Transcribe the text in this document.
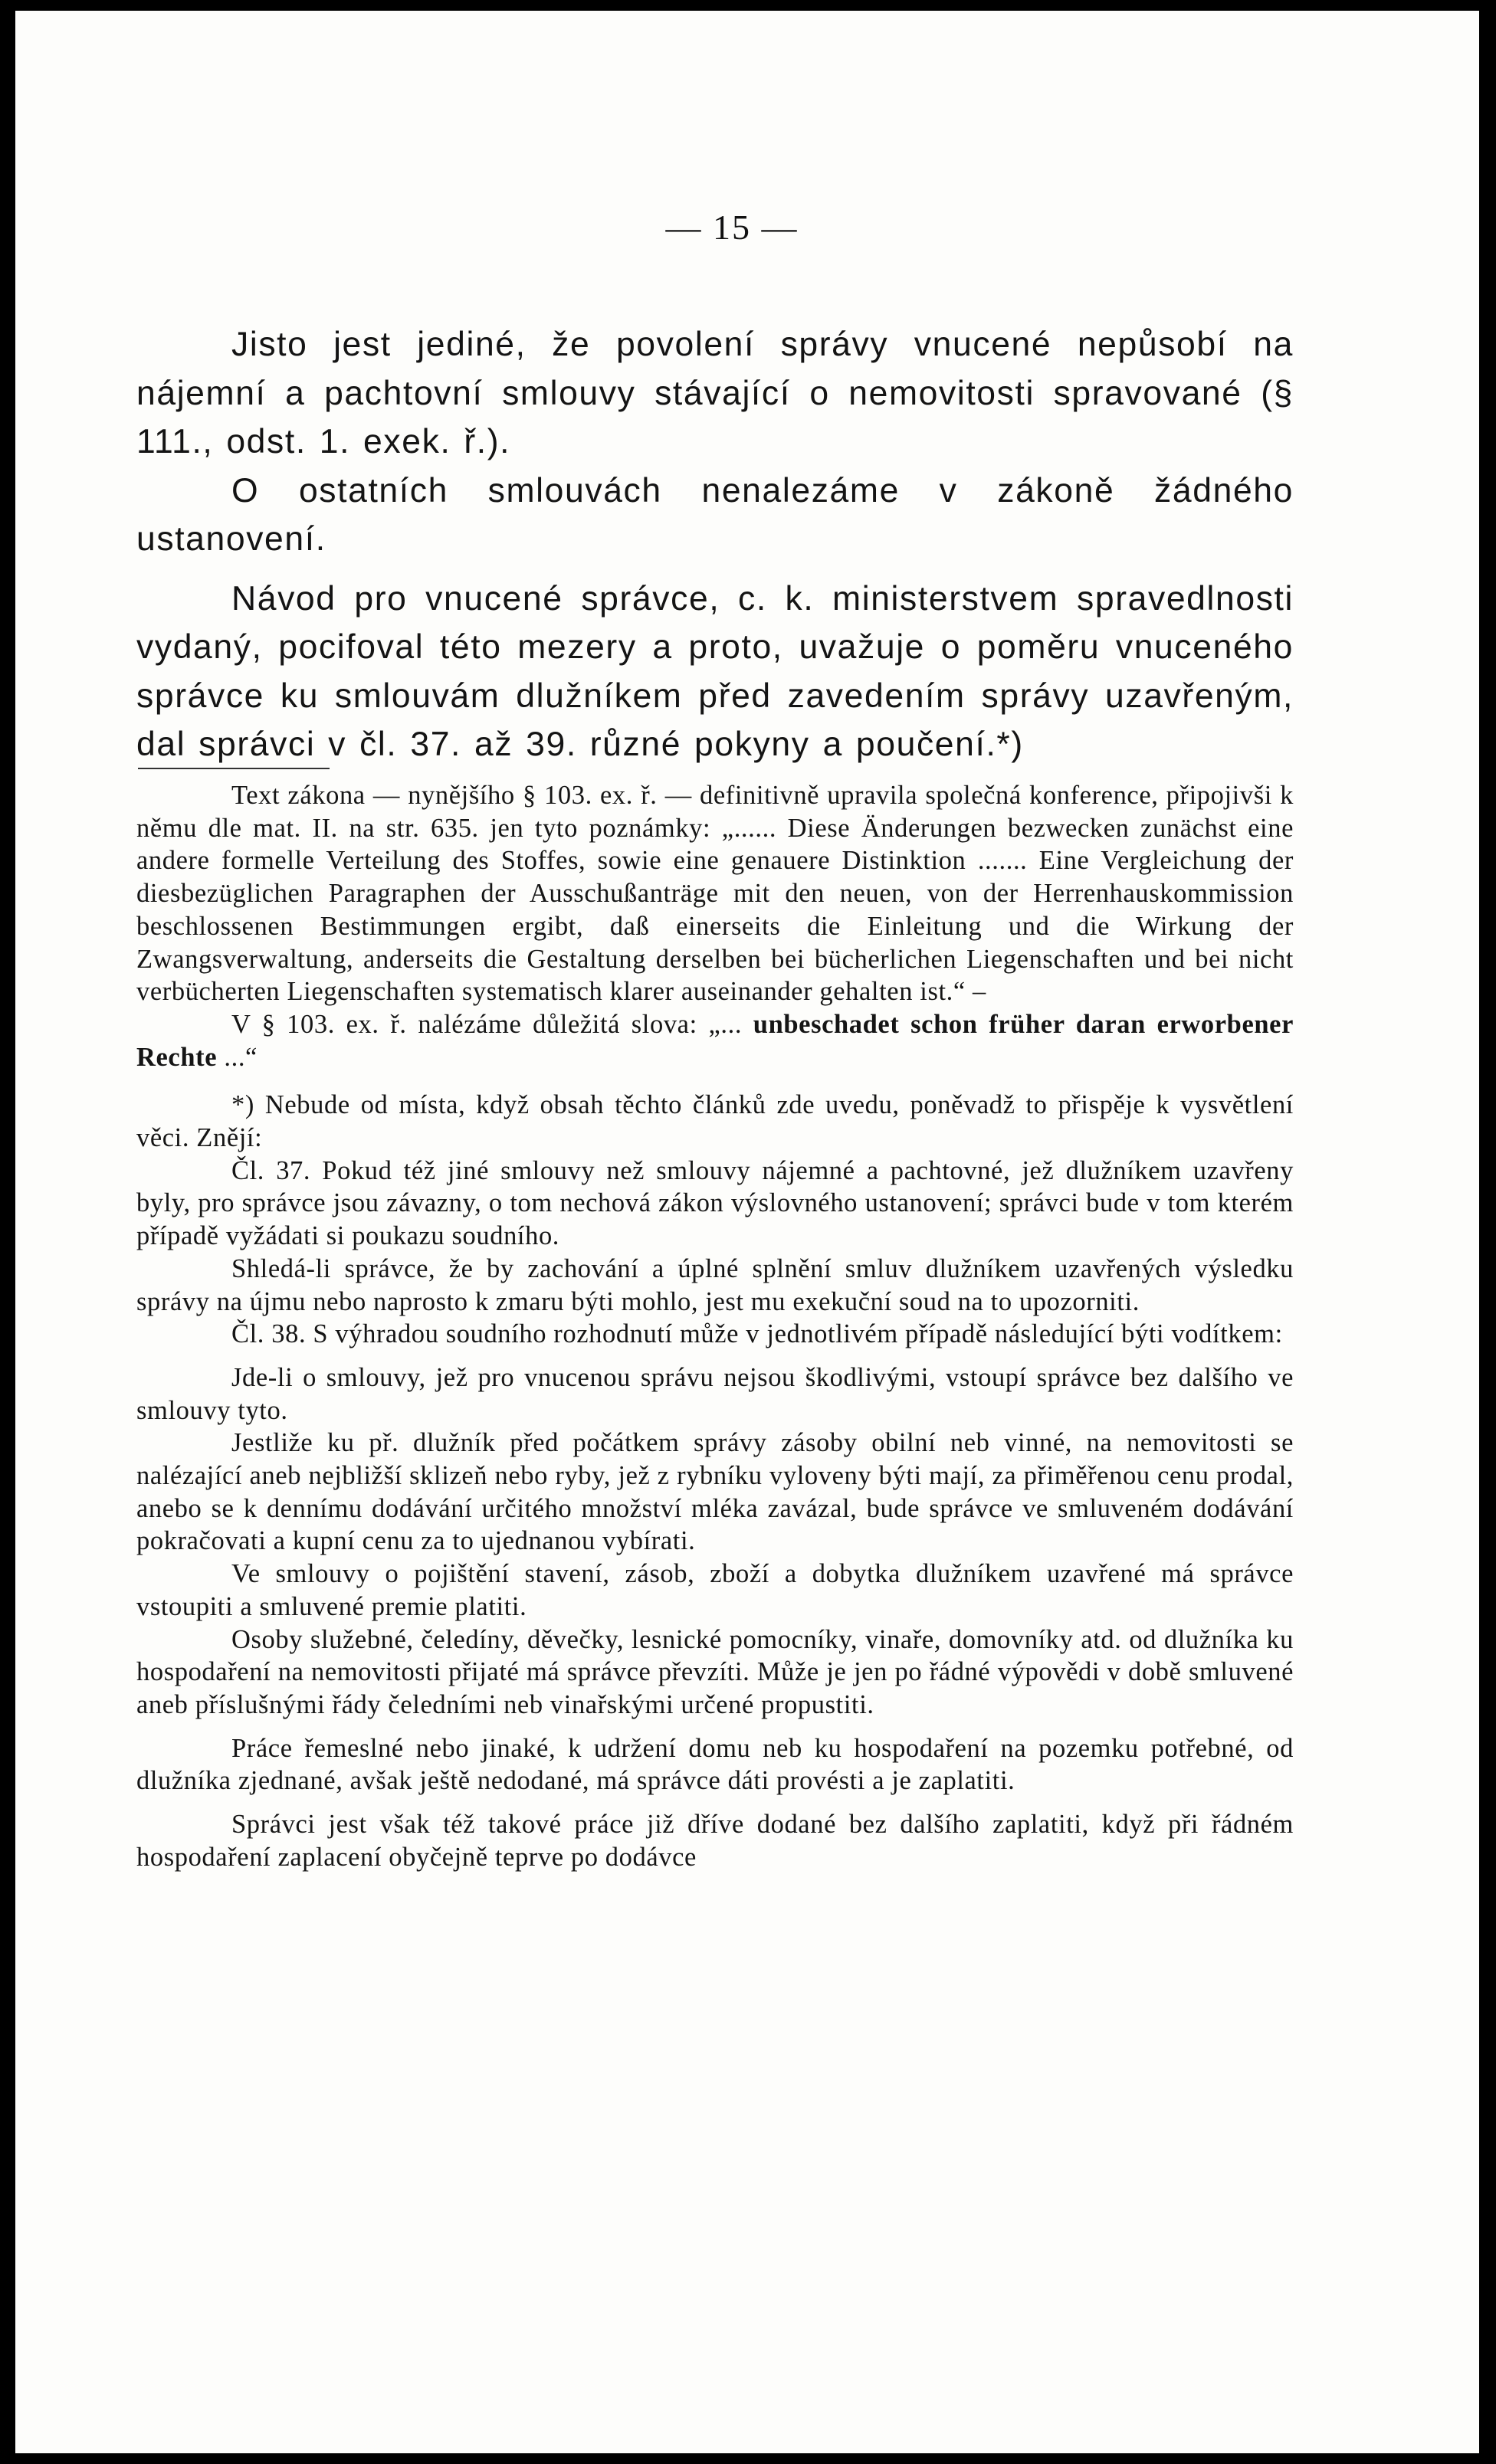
— 15 —

Jisto jest jediné, že povolení správy vnucené nepůsobí na nájemní a pachtovní smlouvy stávající o nemovitosti spravované (§ 111., odst. 1. exek. ř.).

O ostatních smlouvách nenalezáme v zákoně žádného ustanovení.

Návod pro vnucené správce, c. k. ministerstvem spravedlnosti vydaný, pocifoval této mezery a proto, uvažuje o poměru vnuceného správce ku smlouvám dlužníkem před zavedením správy uzavřeným, dal správci v čl. 37. až 39. různé pokyny a poučení.*)

Text zákona — nynějšího § 103. ex. ř. — definitivně upravila společná konference, připojivši k němu dle mat. II. na str. 635. jen tyto poznámky: „...... Diese Änderungen bezwecken zunächst eine andere formelle Verteilung des Stoffes, sowie eine genauere Distinktion ....... Eine Vergleichung der diesbezüglichen Paragraphen der Ausschußanträge mit den neuen, von der Herrenhauskommission beschlossenen Bestimmungen ergibt, daß einerseits die Einleitung und die Wirkung der Zwangsverwaltung, anderseits die Gestaltung derselben bei bücherlichen Liegenschaften und bei nicht verbücherten Liegenschaften systematisch klarer auseinander gehalten ist.“ –

V § 103. ex. ř. nalézáme důležitá slova: „... unbeschadet schon früher daran erworbener Rechte ...“

*) Nebude od místa, když obsah těchto článků zde uvedu, poněvadž to přispěje k vysvětlení věci. Znějí:

Čl. 37. Pokud též jiné smlouvy než smlouvy nájemné a pachtovné, jež dlužníkem uzavřeny byly, pro správce jsou závazny, o tom nechová zákon výslovného ustanovení; správci bude v tom kterém případě vyžádati si poukazu soudního.

Shledá-li správce, že by zachování a úplné splnění smluv dlužníkem uzavřených výsledku správy na újmu nebo naprosto k zmaru býti mohlo, jest mu exekuční soud na to upozorniti.

Čl. 38. S výhradou soudního rozhodnutí může v jednotlivém případě následující býti vodítkem:

Jde-li o smlouvy, jež pro vnucenou správu nejsou škodlivými, vstoupí správce bez dalšího ve smlouvy tyto.

Jestliže ku př. dlužník před počátkem správy zásoby obilní neb vinné, na nemovitosti se nalézající aneb nejbližší sklizeň nebo ryby, jež z rybníku vyloveny býti mají, za přiměřenou cenu prodal, anebo se k dennímu dodávání určitého množství mléka zavázal, bude správce ve smluveném dodávání pokračovati a kupní cenu za to ujednanou vybírati.

Ve smlouvy o pojištění stavení, zásob, zboží a dobytka dlužníkem uzavřené má správce vstoupiti a smluvené premie platiti.

Osoby služebné, čeledíny, děvečky, lesnické pomocníky, vinaře, domovníky atd. od dlužníka ku hospodaření na nemovitosti přijaté má správce převzíti. Může je jen po řádné výpovědi v době smluvené aneb příslušnými řády čeledními neb vinařskými určené propustiti.

Práce řemeslné nebo jinaké, k udržení domu neb ku hospodaření na pozemku potřebné, od dlužníka zjednané, avšak ještě nedodané, má správce dáti provésti a je zaplatiti.

Správci jest však též takové práce již dříve dodané bez dalšího zaplatiti, když při řádném hospodaření zaplacení obyčejně teprve po dodávce
